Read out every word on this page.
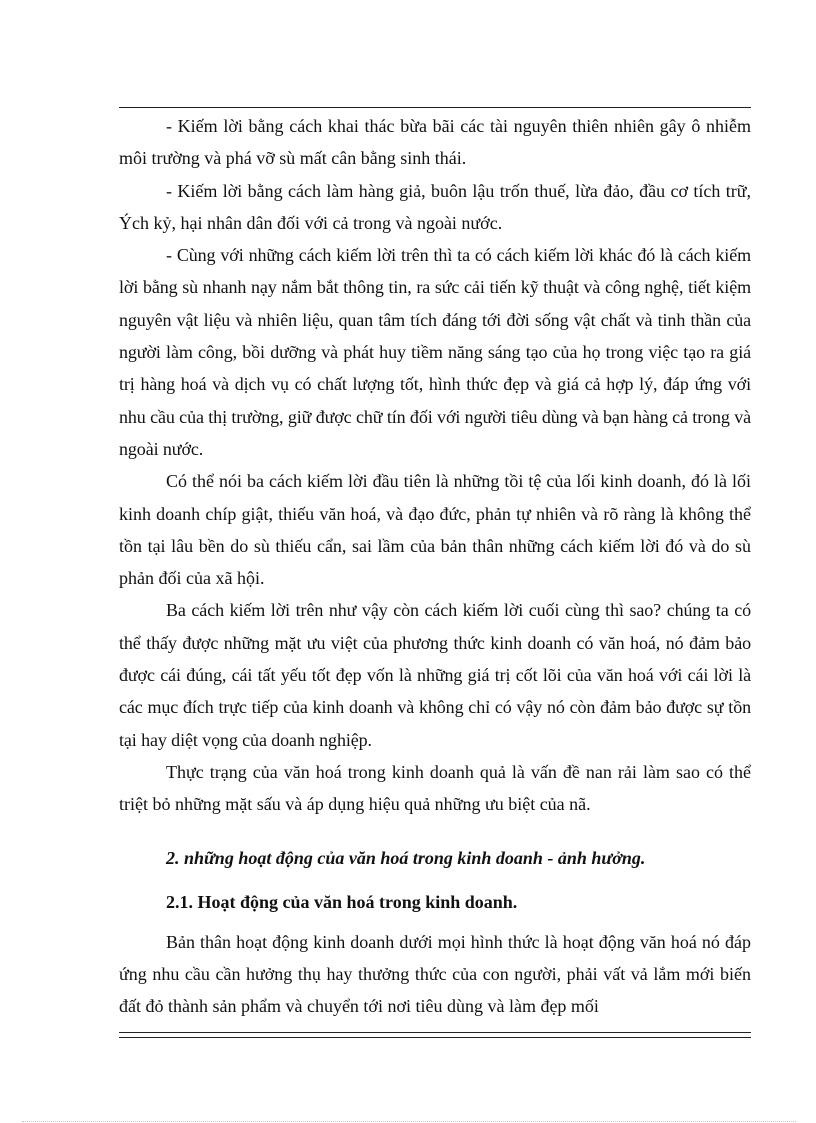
- Kiếm lời bằng cách khai thác bừa bãi các tài nguyên thiên nhiên gây ô nhiễm môi trường và phá vỡ sù mất cân bằng sinh thái.

- Kiếm lời bằng cách làm hàng giả, buôn lậu trốn thuế, lừa đảo, đầu cơ tích trữ, Ých kỷ, hại nhân dân đối với cả trong và ngoài nước.

- Cùng với những cách kiếm lời trên thì ta có cách kiếm lời khác đó là cách kiếm lời bằng sù nhanh nạy nắm bắt thông tin, ra sức cải tiến kỹ thuật và công nghệ, tiết kiệm nguyên vật liệu và nhiên liệu, quan tâm tích đáng tới đời sống vật chất và tinh thần của người làm công, bồi dưỡng và phát huy tiềm năng sáng tạo của họ trong việc tạo ra giá trị hàng hoá và dịch vụ có chất lượng tốt, hình thức đẹp và giá cả hợp lý, đáp ứng với nhu cầu của thị trường, giữ được chữ tín đối với người tiêu dùng và bạn hàng cả trong và ngoài nước.

Có thể nói ba cách kiếm lời đầu tiên là những tồi tệ của lối kinh doanh, đó là lối kinh doanh chíp giật, thiếu văn hoá, và đạo đức, phản tự nhiên và rõ ràng là không thể tồn tại lâu bền do sù thiếu cẩn, sai lầm của bản thân những cách kiếm lời đó và do sù phản đối của xã hội.

Ba cách kiếm lời trên như vậy còn cách kiếm lời cuối cùng thì sao? chúng ta có thể thấy được những mặt ưu việt của phương thức kinh doanh có văn hoá, nó đảm bảo được cái đúng, cái tất yếu tốt đẹp vốn là những giá trị cốt lõi của văn hoá với cái lời là các mục đích trực tiếp của kinh doanh và không chỉ có vậy nó còn đảm bảo được sự tồn tại hay diệt vọng của doanh nghiệp.

Thực trạng của văn hoá trong kinh doanh quả là vấn đề nan rải làm sao có thể triệt bỏ những mặt sấu và áp dụng hiệu quả những ưu biệt của nã.

2. những hoạt động của văn hoá trong kinh doanh - ảnh hưởng.

2.1. Hoạt động của văn hoá trong kinh doanh.

Bản thân hoạt động kinh doanh dưới mọi hình thức là hoạt động văn hoá nó đáp ứng nhu cầu cần hưởng thụ hay thưởng thức của con người, phải vất vả lắm mới biến đất đỏ thành sản phẩm và chuyển tới nơi tiêu dùng và làm đẹp mối
